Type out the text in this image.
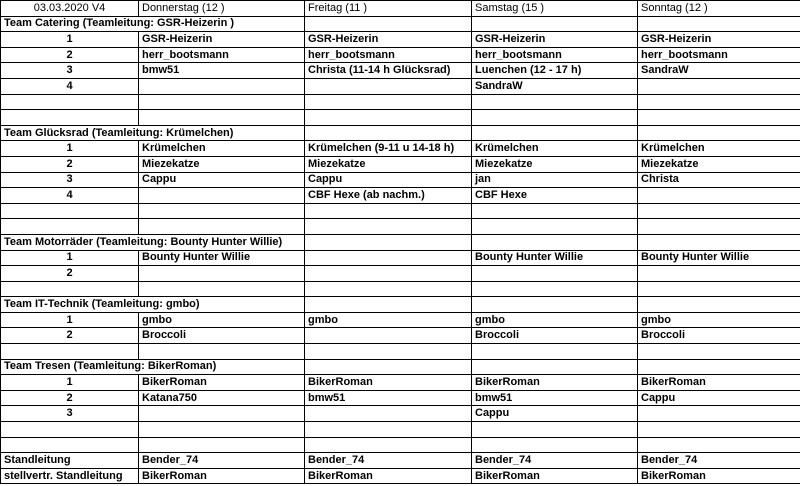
03.03.2020 V4	Donnerstag (12 )	Freitag (11 )	Samstag (15 )	Sonntag (12 )
Team Catering (Teamleitung: GSR-Heizerin )				
1	GSR-Heizerin	GSR-Heizerin	GSR-Heizerin	GSR-Heizerin
2	herr_bootsmann	herr_bootsmann	herr_bootsmann	herr_bootsmann
3	bmw51	Christa (11-14 h Glücksrad)	Luenchen (12 - 17 h)	SandraW
4			SandraW	

Team Glücksrad (Teamleitung: Krümelchen)				
1	Krümelchen	Krümelchen (9-11 u 14-18 h)	Krümelchen	Krümelchen
2	Miezekatze	Miezekatze	Miezekatze	Miezekatze
3	Cappu	Cappu	jan	Christa
4		CBF Hexe (ab nachm.)	CBF Hexe	

Team Motorräder (Teamleitung: Bounty Hunter Willie)				
1	Bounty Hunter Willie		Bounty Hunter Willie	Bounty Hunter Willie
2				

Team IT-Technik (Teamleitung: gmbo)				
1	gmbo	gmbo	gmbo	gmbo
2	Broccoli		Broccoli	Broccoli

Team Tresen (Teamleitung: BikerRoman)				
1	BikerRoman	BikerRoman	BikerRoman	BikerRoman
2	Katana750	bmw51	bmw51	Cappu
3			Cappu	

Standleitung	Bender_74	Bender_74	Bender_74	Bender_74
stellvertr. Standleitung	BikerRoman	BikerRoman	BikerRoman	BikerRoman
